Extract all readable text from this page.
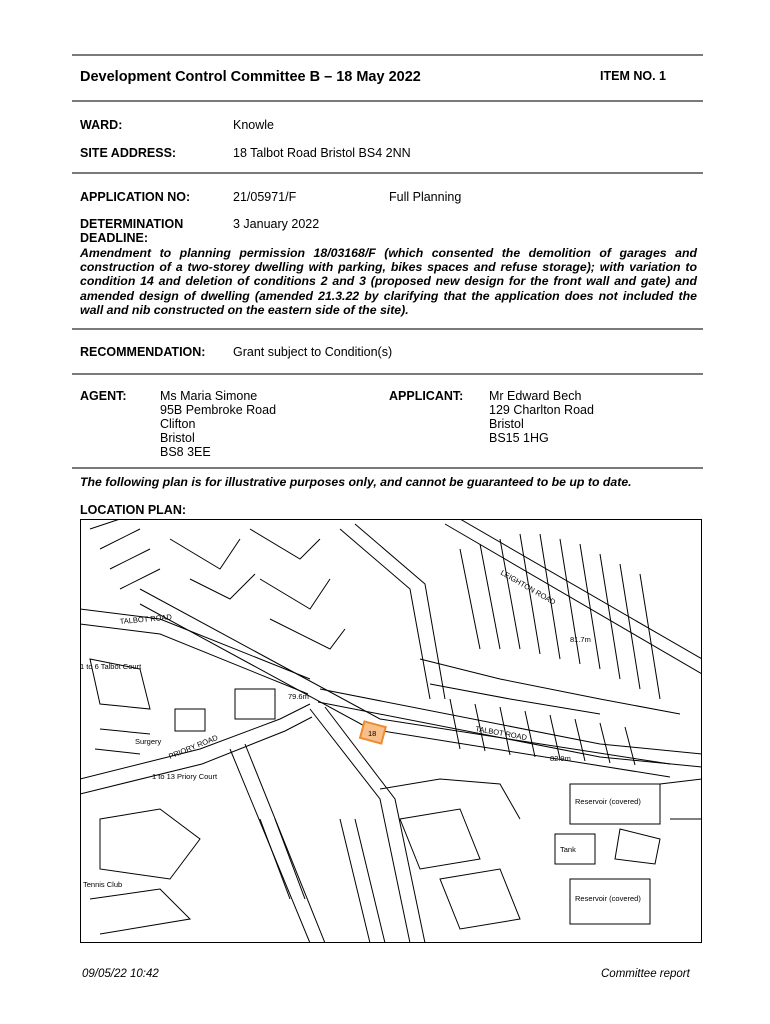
Development Control Committee B – 18 May 2022	ITEM NO. 1
WARD:	Knowle
SITE ADDRESS:	18 Talbot Road Bristol BS4 2NN
APPLICATION NO:	21/05971/F	Full Planning
DETERMINATION
DEADLINE:
3 January 2022
Amendment to planning permission 18/03168/F (which consented the demolition of garages and construction of a two-storey dwelling with parking, bikes spaces and refuse storage); with variation to condition 14 and deletion of conditions 2 and 3 (proposed new design for the front wall and gate) and amended design of dwelling (amended 21.3.22 by clarifying that the application does not included the wall and nib constructed on the eastern side of the site).
RECOMMENDATION: Grant subject to Condition(s)
AGENT:	Ms Maria Simone
95B Pembroke Road
Clifton
Bristol
BS8 3EE
APPLICANT: Mr Edward Bech
129 Charlton Road
Bristol
BS15 1HG
The following plan is for illustrative purposes only, and cannot be guaranteed to be up to date.
LOCATION PLAN:
18
TALBOT ROAD
PRIORY ROAD	TALBOT ROAD
LEIGHTON ROAD
Surgery
1 to 13 Priory Court
1 to 6 Talbot Court
Tennis Club
Reservoir (covered)
Reservoir (covered)
Tank
81.7m
82.9m
79.6m
09/05/22 10:42	Committee report
